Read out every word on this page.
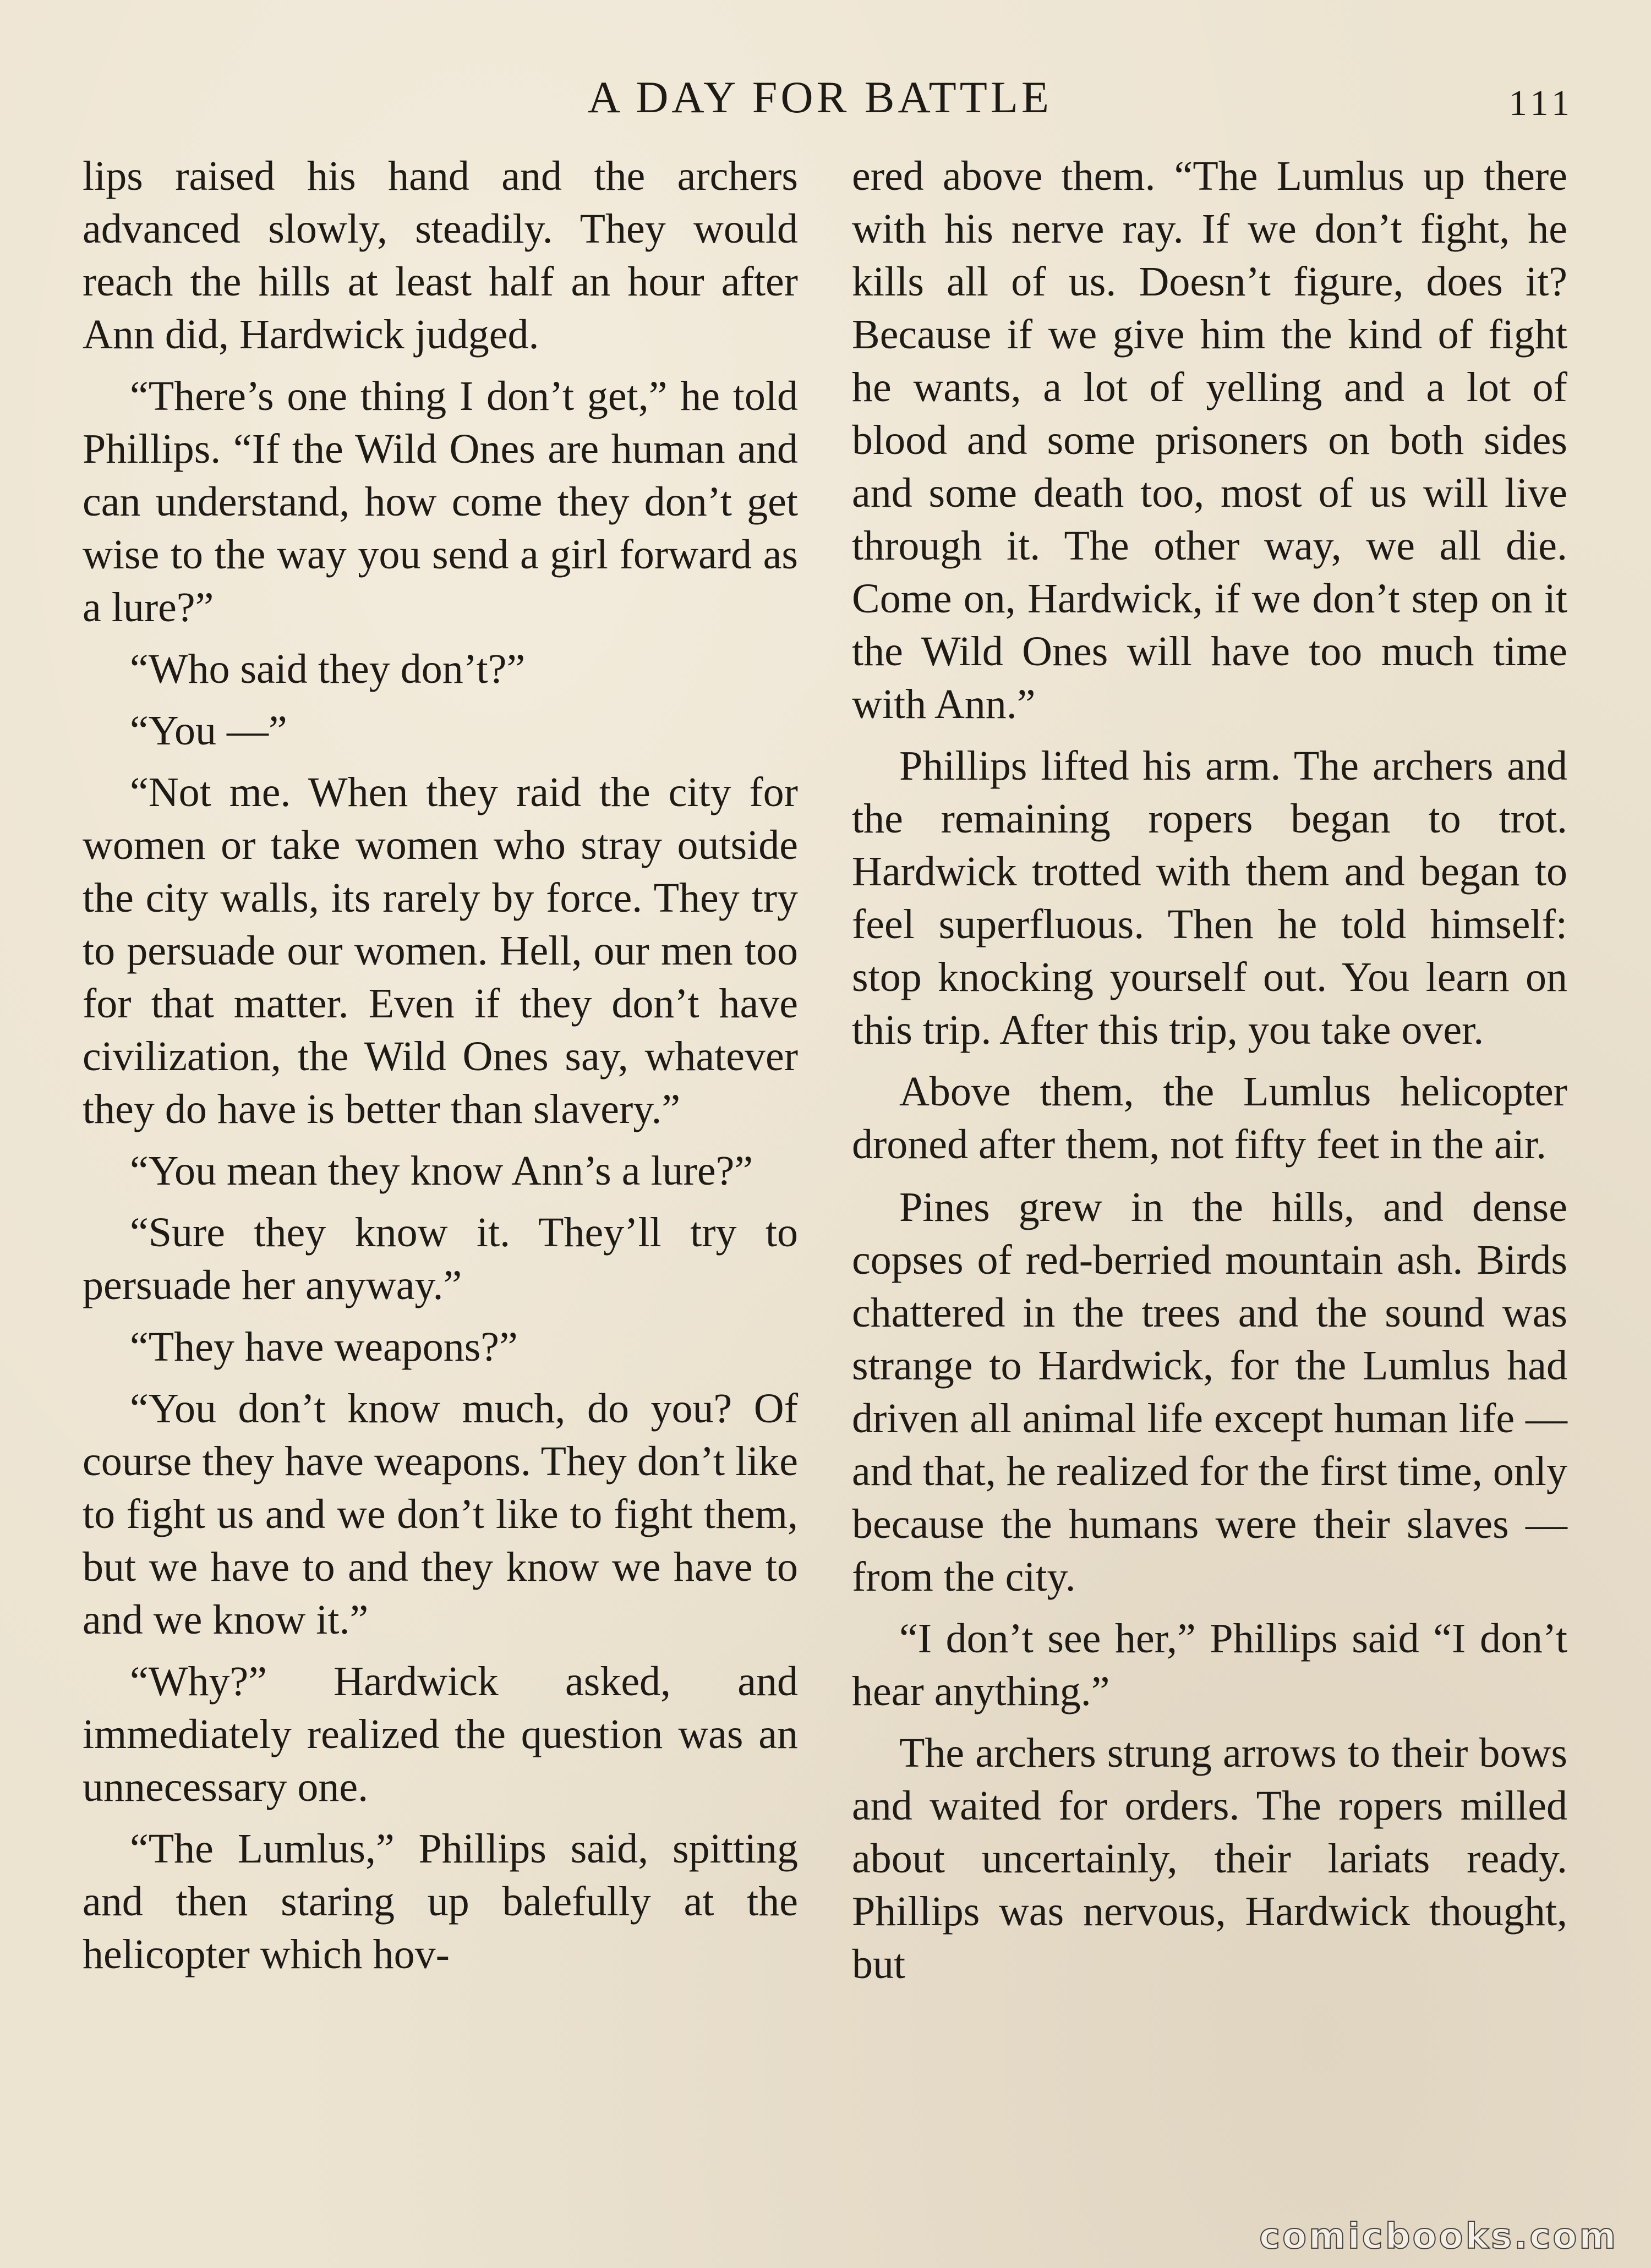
A DAY FOR BATTLE	111

lips raised his hand and the archers advanced slowly, steadily. They would reach the hills at least half an hour after Ann did, Hardwick judged.

“There’s one thing I don’t get,” he told Phillips. “If the Wild Ones are human and can understand, how come they don’t get wise to the way you send a girl forward as a lure?”

“Who said they don’t?”

“You —”

“Not me. When they raid the city for women or take women who stray outside the city walls, its rarely by force. They try to persuade our women. Hell, our men too for that matter. Even if they don’t have civilization, the Wild Ones say, whatever they do have is better than slavery.”

“You mean they know Ann’s a lure?”

“Sure they know it. They’ll try to persuade her anyway.”

“They have weapons?”

“You don’t know much, do you? Of course they have weapons. They don’t like to fight us and we don’t like to fight them, but we have to and they know we have to and we know it.”

“Why?” Hardwick asked, and immediately realized the question was an unnecessary one.

“The Lumlus,” Phillips said, spitting and then staring up balefully at the helicopter which hov-

ered above them. “The Lumlus up there with his nerve ray. If we don’t fight, he kills all of us. Doesn’t figure, does it? Because if we give him the kind of fight he wants, a lot of yelling and a lot of blood and some prisoners on both sides and some death too, most of us will live through it. The other way, we all die. Come on, Hardwick, if we don’t step on it the Wild Ones will have too much time with Ann.”

Phillips lifted his arm. The archers and the remaining ropers began to trot. Hardwick trotted with them and began to feel superfluous. Then he told himself: stop knocking yourself out. You learn on this trip. After this trip, you take over.

Above them, the Lumlus helicopter droned after them, not fifty feet in the air.

Pines grew in the hills, and dense copses of red-berried mountain ash. Birds chattered in the trees and the sound was strange to Hardwick, for the Lumlus had driven all animal life except human life — and that, he realized for the first time, only because the humans were their slaves — from the city.

“I don’t see her,” Phillips said “I don’t hear anything.”

The archers strung arrows to their bows and waited for orders. The ropers milled about uncertainly, their lariats ready. Phillips was nervous, Hardwick thought, but

comicbooks.com
